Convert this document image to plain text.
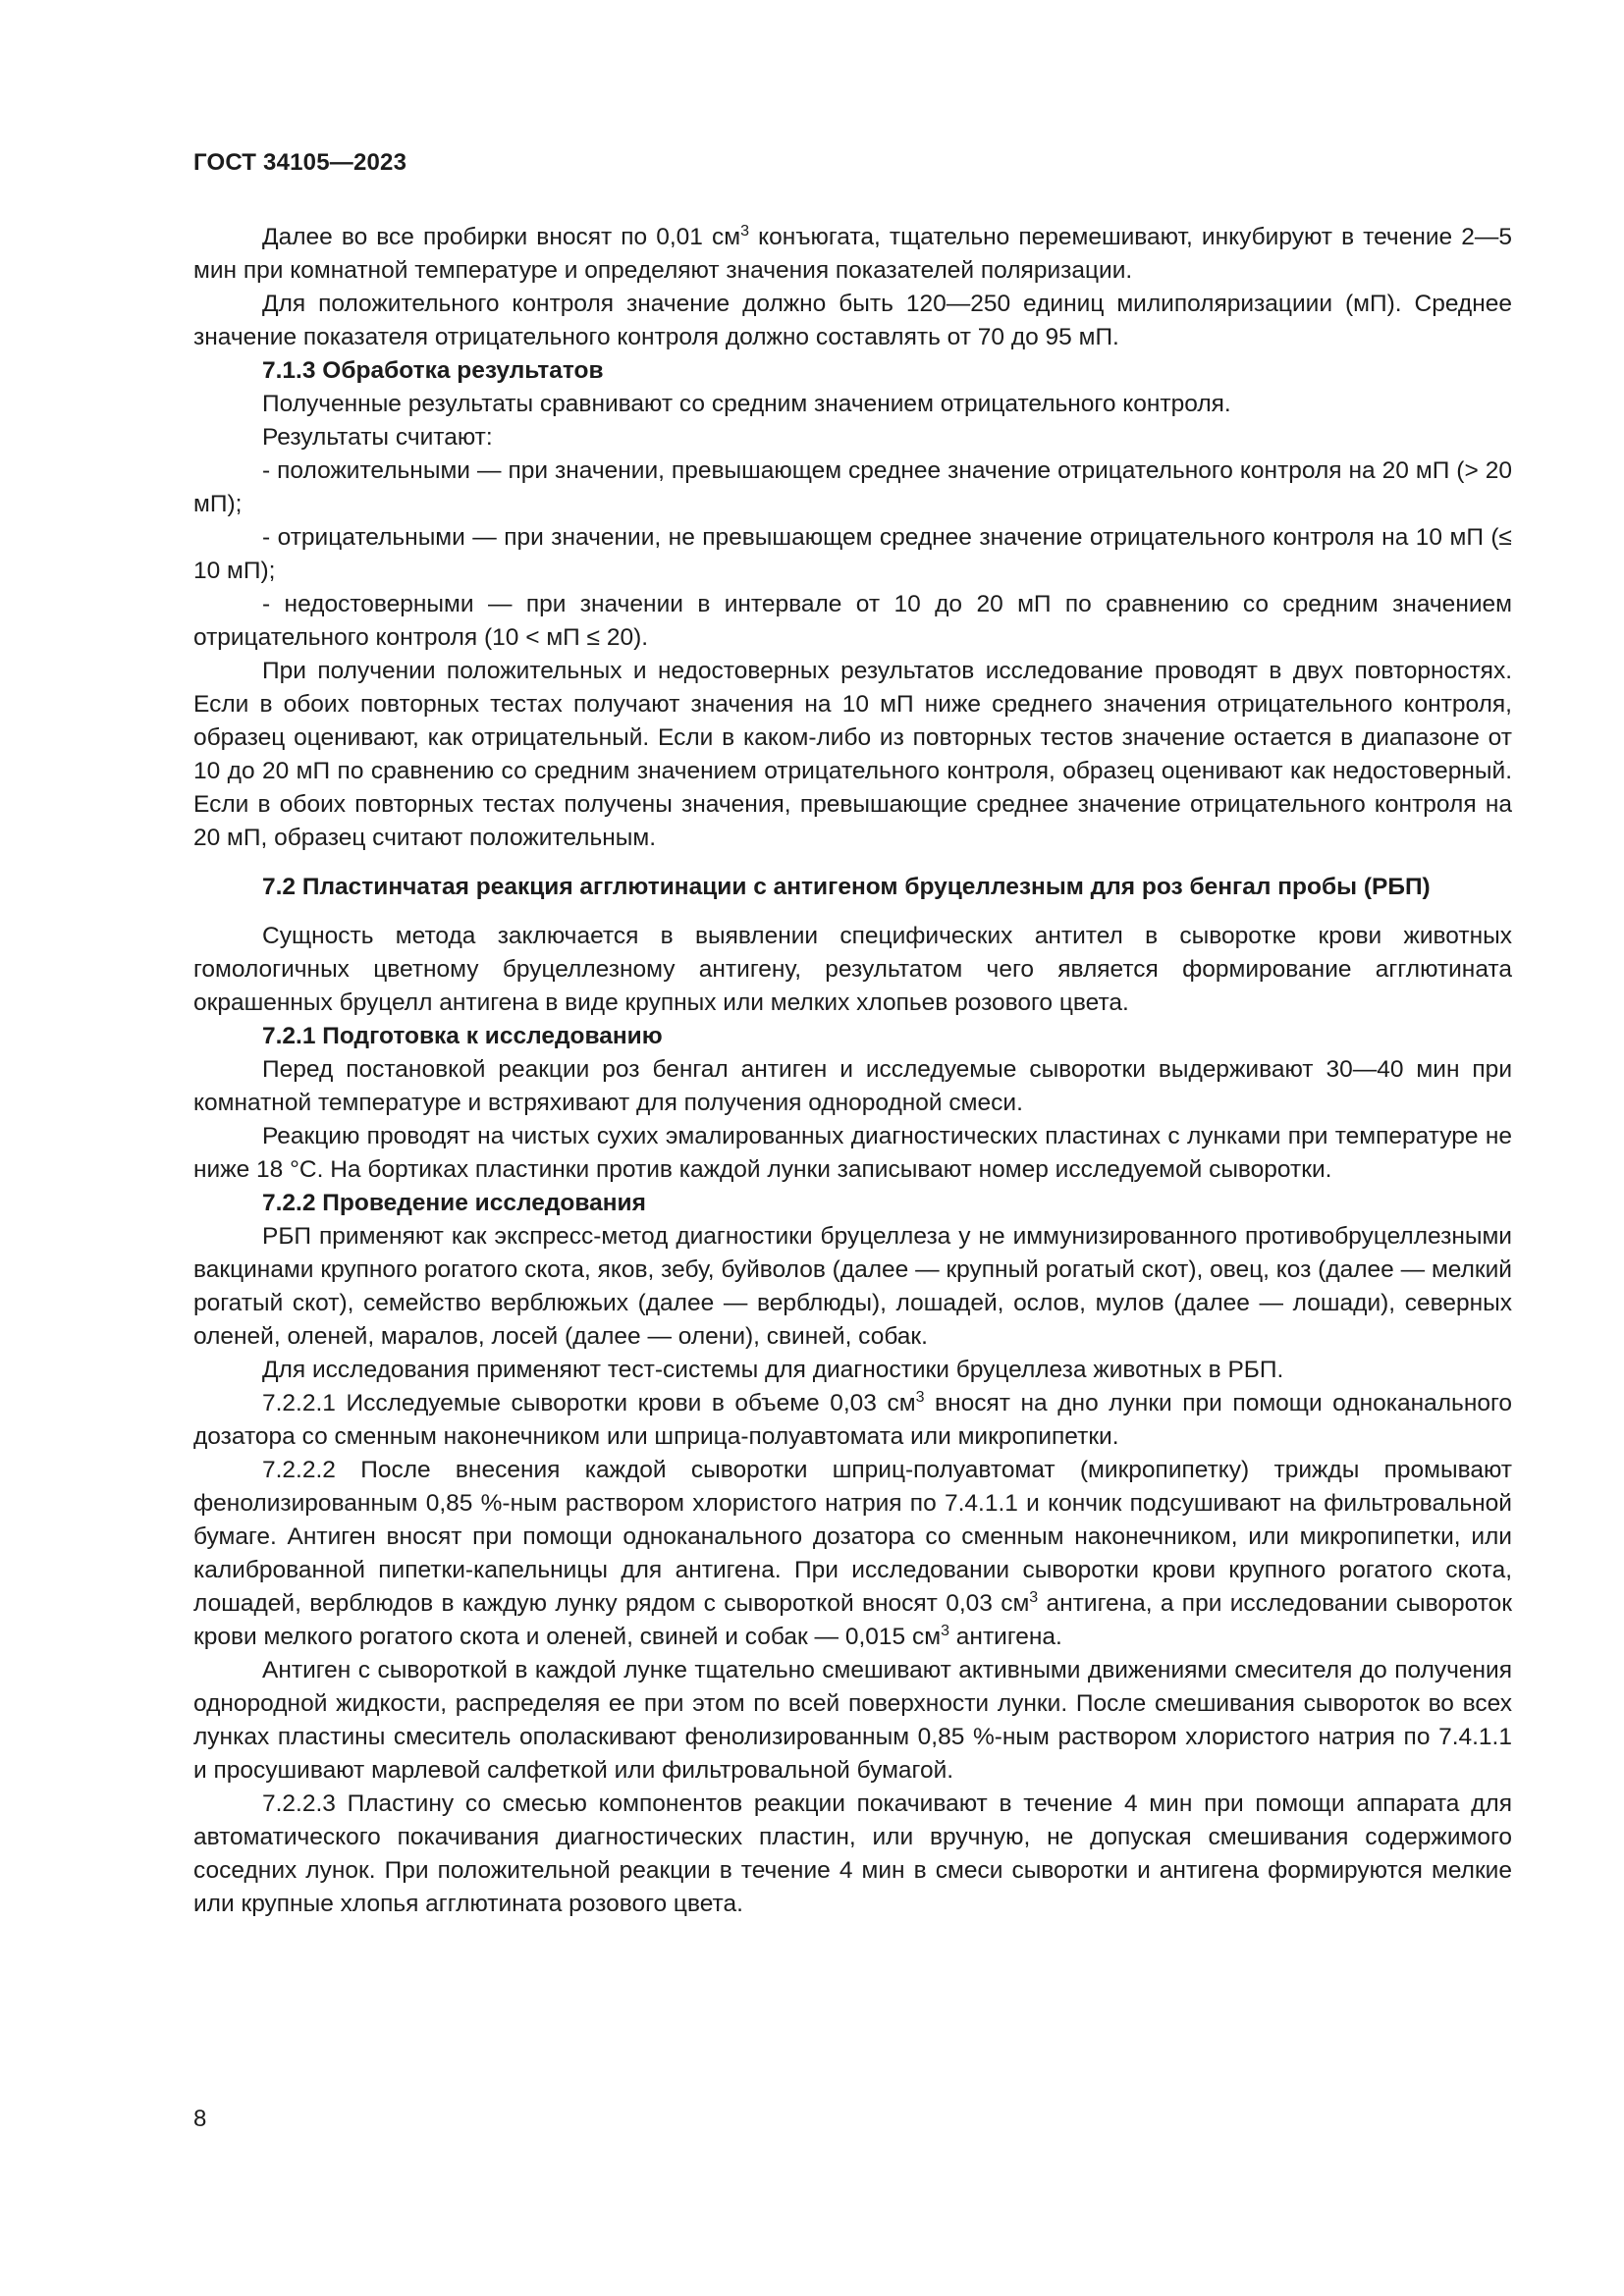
ГОСТ 34105—2023

Далее во все пробирки вносят по 0,01 $см^3$ конъюгата, тщательно перемешивают, инкубируют в течение 2—5 мин при комнатной температуре и определяют значения показателей поляризации.

Для положительного контроля значение должно быть 120—250 единиц милиполяризациии (мП). Среднее значение показателя отрицательного контроля должно составлять от 70 до 95 мП.

7.1.3 Обработка результатов

Полученные результаты сравнивают со средним значением отрицательного контроля.

Результаты считают:

- положительными — при значении, превышающем среднее значение отрицательного контроля на 20 мП (> 20 мП);

- отрицательными — при значении, не превышающем среднее значение отрицательного контроля на 10 мП (≤ 10 мП);

- недостоверными — при значении в интервале от 10 до 20 мП по сравнению со средним значением отрицательного контроля (10 < мП ≤ 20).

При получении положительных и недостоверных результатов исследование проводят в двух повторностях. Если в обоих повторных тестах получают значения на 10 мП ниже среднего значения отрицательного контроля, образец оценивают, как отрицательный. Если в каком-либо из повторных тестов значение остается в диапазоне от 10 до 20 мП по сравнению со средним значением отрицательного контроля, образец оценивают как недостоверный. Если в обоих повторных тестах получены значения, превышающие среднее значение отрицательного контроля на 20 мП, образец считают положительным.

7.2 Пластинчатая реакция агглютинации с антигеном бруцеллезным для роз бенгал пробы (РБП)

Сущность метода заключается в выявлении специфических антител в сыворотке крови животных гомологичных цветному бруцеллезному антигену, результатом чего является формирование агглютината окрашенных бруцелл антигена в виде крупных или мелких хлопьев розового цвета.

7.2.1 Подготовка к исследованию

Перед постановкой реакции роз бенгал антиген и исследуемые сыворотки выдерживают 30—40 мин при комнатной температуре и встряхивают для получения однородной смеси.

Реакцию проводят на чистых сухих эмалированных диагностических пластинах с лунками при температуре не ниже 18 °С. На бортиках пластинки против каждой лунки записывают номер исследуемой сыворотки.

7.2.2 Проведение исследования

РБП применяют как экспресс-метод диагностики бруцеллеза у не иммунизированного противобруцеллезными вакцинами крупного рогатого скота, яков, зебу, буйволов (далее — крупный рогатый скот), овец, коз (далее — мелкий рогатый скот), семейство верблюжьих (далее — верблюды), лошадей, ослов, мулов (далее — лошади), северных оленей, оленей, маралов, лосей (далее — олени), свиней, собак.

Для исследования применяют тест-системы для диагностики бруцеллеза животных в РБП.

7.2.2.1 Исследуемые сыворотки крови в объеме 0,03 $см^3$ вносят на дно лунки при помощи одноканального дозатора со сменным наконечником или шприца-полуавтомата или микропипетки.

7.2.2.2 После внесения каждой сыворотки шприц-полуавтомат (микропипетку) трижды промывают фенолизированным 0,85 %-ным раствором хлористого натрия по 7.4.1.1 и кончик подсушивают на фильтровальной бумаге. Антиген вносят при помощи одноканального дозатора со сменным наконечником, или микропипетки, или калиброванной пипетки-капельницы для антигена. При исследовании сыворотки крови крупного рогатого скота, лошадей, верблюдов в каждую лунку рядом с сывороткой вносят 0,03 $см^3$ антигена, а при исследовании сывороток крови мелкого рогатого скота и оленей, свиней и собак — 0,015 $см^3$ антигена.

Антиген с сывороткой в каждой лунке тщательно смешивают активными движениями смесителя до получения однородной жидкости, распределяя ее при этом по всей поверхности лунки. После смешивания сывороток во всех лунках пластины смеситель ополаскивают фенолизированным 0,85 %-ным раствором хлористого натрия по 7.4.1.1 и просушивают марлевой салфеткой или фильтровальной бумагой.

7.2.2.3 Пластину со смесью компонентов реакции покачивают в течение 4 мин при помощи аппарата для автоматического покачивания диагностических пластин, или вручную, не допуская смешивания содержимого соседних лунок. При положительной реакции в течение 4 мин в смеси сыворотки и антигена формируются мелкие или крупные хлопья агглютината розового цвета.

8
